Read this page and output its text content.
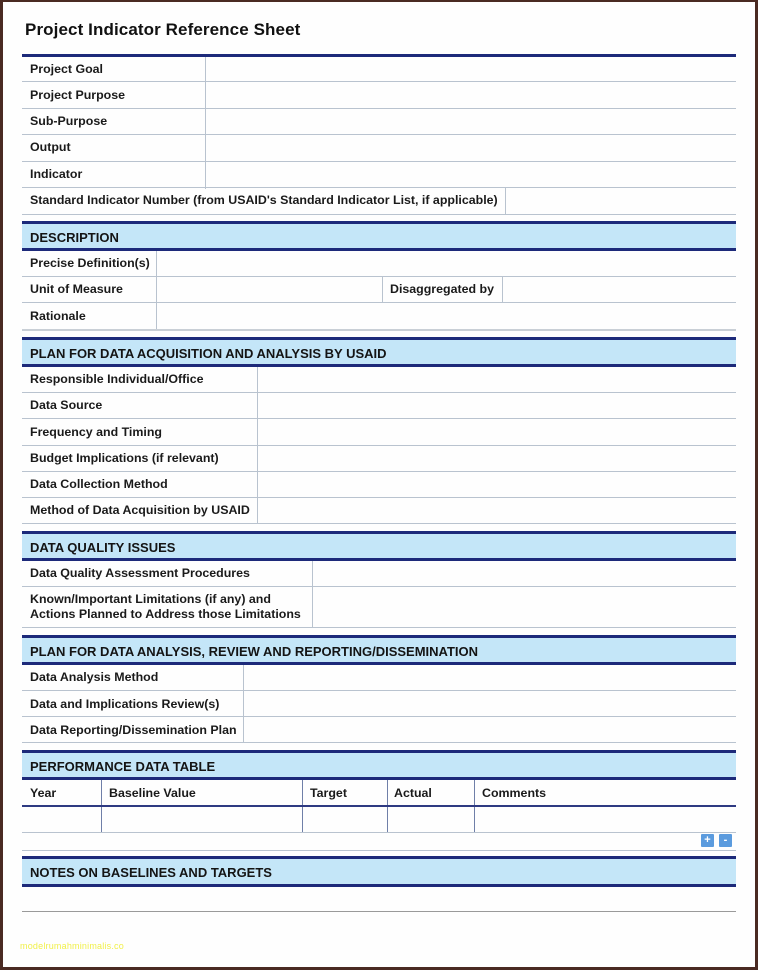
Project Indicator Reference Sheet
Project Goal
Project Purpose
Sub-Purpose
Output
Indicator
Standard Indicator Number (from USAID's Standard Indicator List, if applicable)
DESCRIPTION
Precise Definition(s)
Unit of Measure	Disaggregated by
Rationale
PLAN FOR DATA ACQUISITION AND ANALYSIS BY USAID
Responsible Individual/Office
Data Source
Frequency and Timing
Budget Implications (if relevant)
Data Collection Method
Method of Data Acquisition by USAID
DATA QUALITY ISSUES
Data Quality Assessment Procedures
Known/Important Limitations (if any) and
Actions Planned to Address those Limitations
PLAN FOR DATA ANALYSIS, REVIEW AND REPORTING/DISSEMINATION
Data Analysis Method
Data and Implications Review(s)
Data Reporting/Dissemination Plan
PERFORMANCE DATA TABLE
Year	Baseline Value	Target	Actual	Comments
+	-
NOTES ON BASELINES AND TARGETS
modelrumahminimalis.co
